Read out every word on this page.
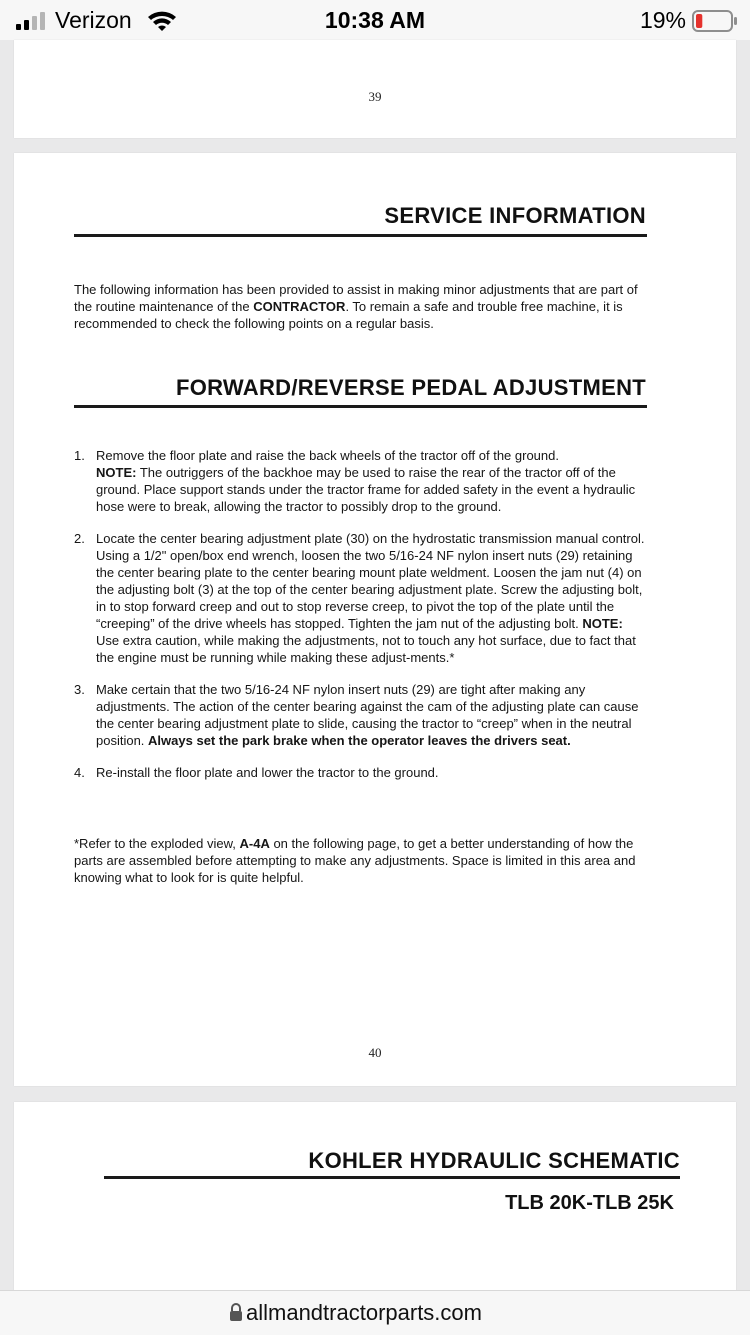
Verizon	10:38 AM	19%
39
SERVICE INFORMATION

The following information has been provided to assist in making minor adjustments that are part of the routine maintenance of the CONTRACTOR. To remain a safe and trouble free machine, it is recommended to check the following points on a regular basis.

FORWARD/REVERSE PEDAL ADJUSTMENT
1. Remove the floor plate and raise the back wheels of the tractor off of the ground.
NOTE: The outriggers of the backhoe may be used to raise the rear of the tractor off of the ground. Place support stands under the tractor frame for added safety in the event a hydraulic hose were to break, allowing the tractor to possibly drop to the ground.
2. Locate the center bearing adjustment plate (30) on the hydrostatic transmission manual control. Using a 1/2" open/box end wrench, loosen the two 5/16-24 NF nylon insert nuts (29) retaining the center bearing plate to the center bearing mount plate weldment. Loosen the jam nut (4) on the adjusting bolt (3) at the top of the center bearing adjustment plate. Screw the adjusting bolt, in to stop forward creep and out to stop reverse creep, to pivot the top of the plate until the “creeping” of the drive wheels has stopped. Tighten the jam nut of the adjusting bolt. NOTE: Use extra caution, while making the adjustments, not to touch any hot surface, due to fact that the engine must be running while making these adjust-ments.*
3. Make certain that the two 5/16-24 NF nylon insert nuts (29) are tight after making any adjustments. The action of the center bearing against the cam of the adjusting plate can cause the center bearing adjustment plate to slide, causing the tractor to “creep” when in the neutral position. Always set the park brake when the operator leaves the drivers seat.
4. Re-install the floor plate and lower the tractor to the ground.

*Refer to the exploded view, A-4A on the following page, to get a better understanding of how the parts are assembled before attempting to make any adjustments. Space is limited in this area and knowing what to look for is quite helpful.

40
KOHLER HYDRAULIC SCHEMATIC
TLB 20K-TLB 25K
allmandtractorparts.com
